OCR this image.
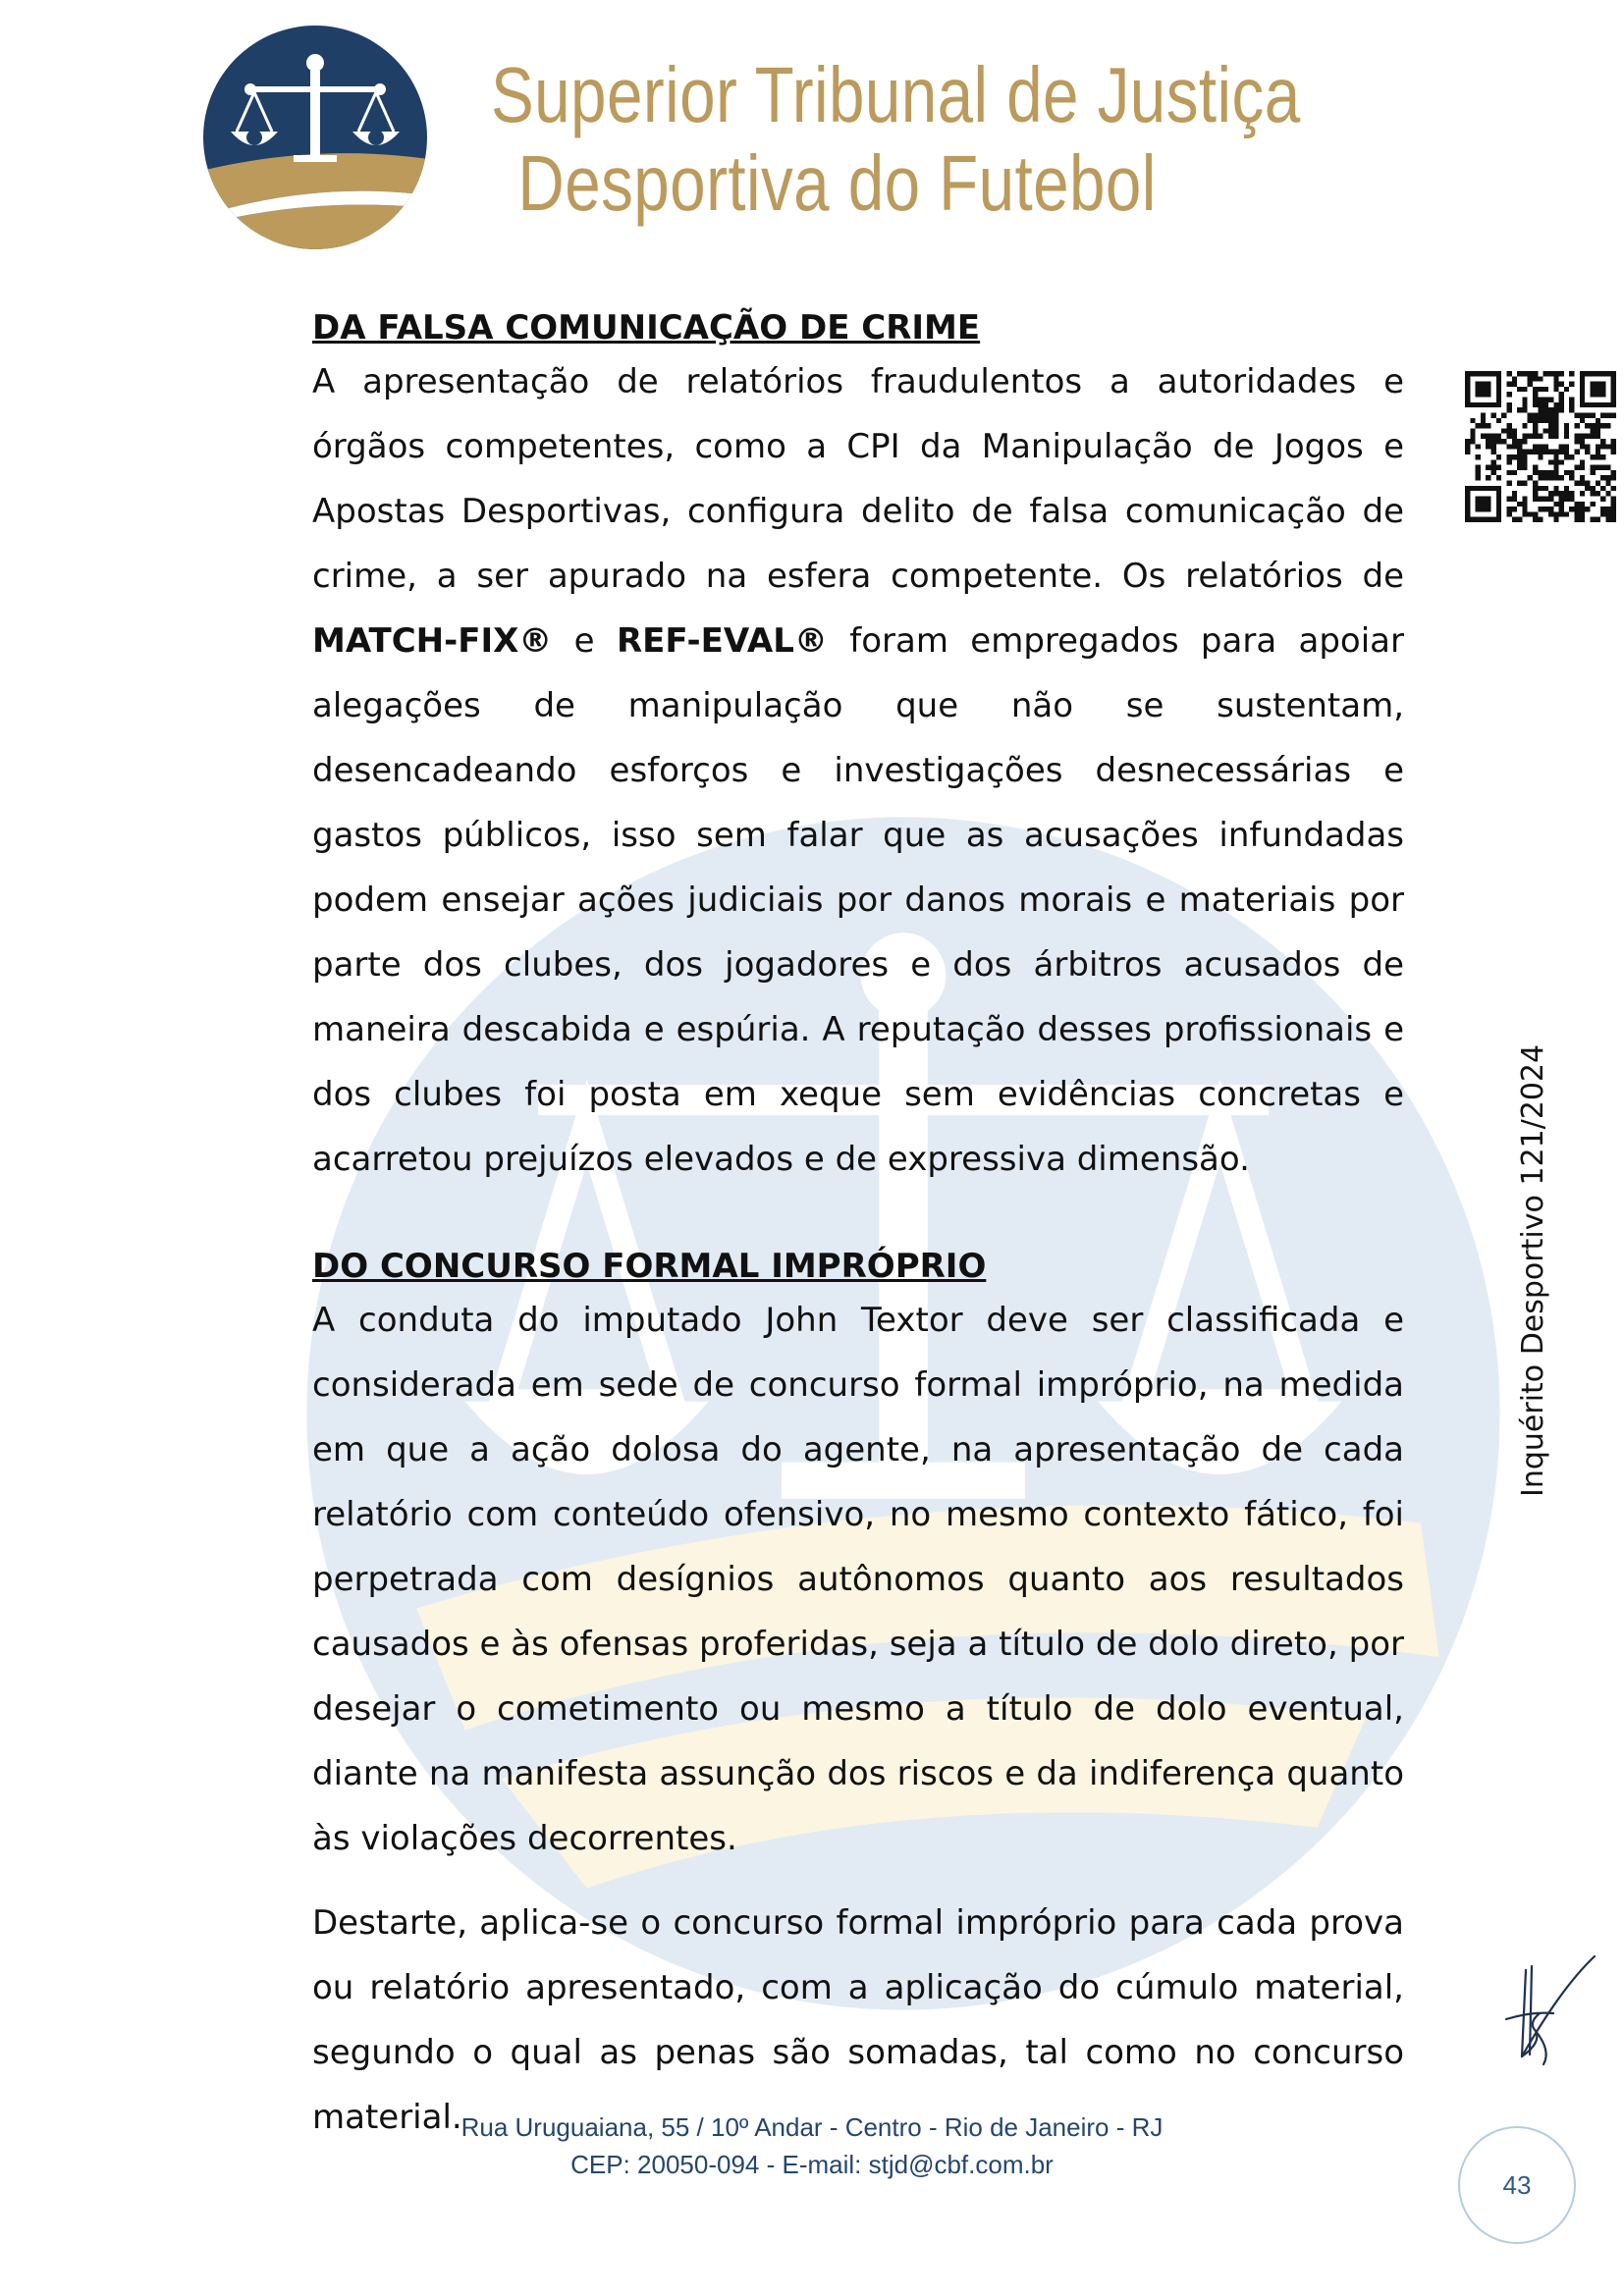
Superior Tribunal de Justiça
Desportiva do Futebol

DA FALSA COMUNICAÇÃO DE CRIME

A apresentação de relatórios fraudulentos a autoridades e órgãos competentes, como a CPI da Manipulação de Jogos e Apostas Desportivas, configura delito de falsa comunicação de crime, a ser apurado na esfera competente. Os relatórios de MATCH-FIX® e REF-EVAL® foram empregados para apoiar alegações de manipulação que não se sustentam, desencadeando esforços e investigações desnecessárias e gastos públicos, isso sem falar que as acusações infundadas podem ensejar ações judiciais por danos morais e materiais por parte dos clubes, dos jogadores e dos árbitros acusados de maneira descabida e espúria. A reputação desses profissionais e dos clubes foi posta em xeque sem evidências concretas e acarretou prejuízos elevados e de expressiva dimensão.

DO CONCURSO FORMAL IMPRÓPRIO

A conduta do imputado John Textor deve ser classificada e considerada em sede de concurso formal impróprio, na medida em que a ação dolosa do agente, na apresentação de cada relatório com conteúdo ofensivo, no mesmo contexto fático, foi perpetrada com desígnios autônomos quanto aos resultados causados e às ofensas proferidas, seja a título de dolo direto, por desejar o cometimento ou mesmo a título de dolo eventual, diante na manifesta assunção dos riscos e da indiferença quanto às violações decorrentes.

Destarte, aplica-se o concurso formal impróprio para cada prova ou relatório apresentado, com a aplicação do cúmulo material, segundo o qual as penas são somadas, tal como no concurso material.

Inquérito Desportivo 121/2024
Rua Uruguaiana, 55 / 10º Andar - Centro - Rio de Janeiro - RJ
CEP: 20050-094 - E-mail: stjd@cbf.com.br
43
